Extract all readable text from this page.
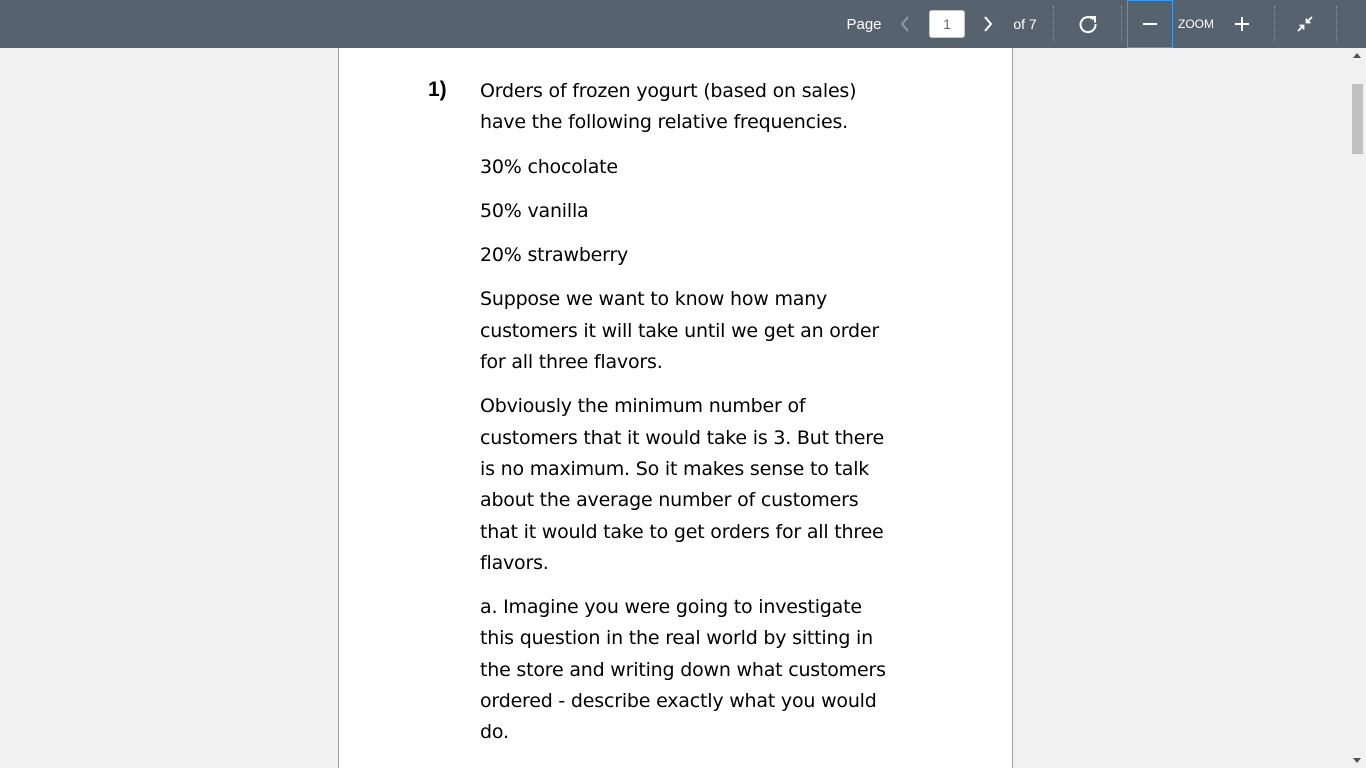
Page
1	of 7	ZOOM
1) Orders of frozen yogurt (based on sales) have the following relative frequencies.

30% chocolate

50% vanilla

20% strawberry

Suppose we want to know how many customers it will take until we get an order for all three flavors.

Obviously the minimum number of customers that it would take is 3. But there is no maximum. So it makes sense to talk about the average number of customers that it would take to get orders for all three flavors.

a. Imagine you were going to investigate this question in the real world by sitting in the store and writing down what customers ordered - describe exactly what you would do.
